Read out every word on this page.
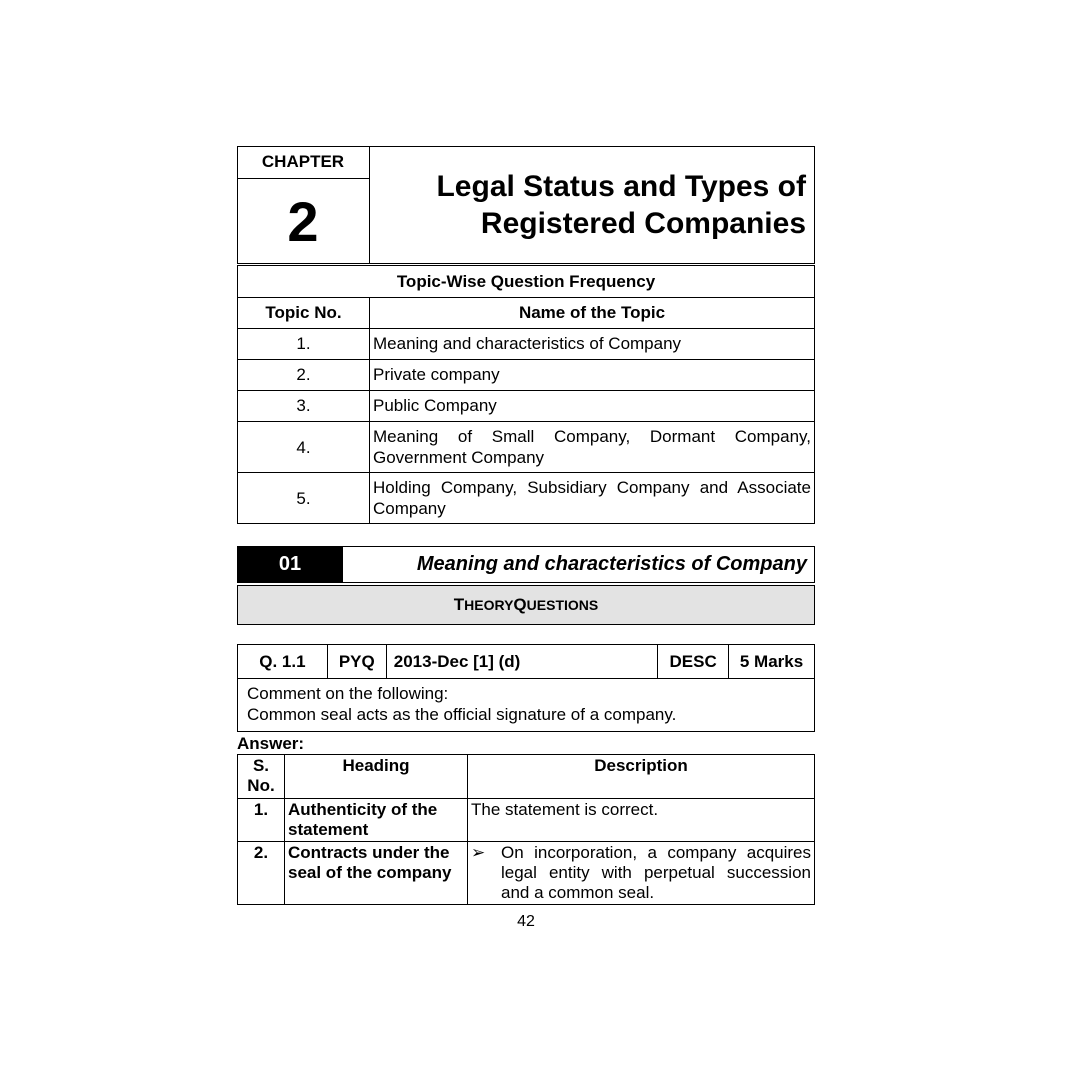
CHAPTER
2
Legal Status and Types of
Registered Companies
Topic-Wise Question Frequency	
Topic No.	Name of the Topic
1.	Meaning and characteristics of Company
2.	Private company
3.	Public Company
4.	Meaning of Small Company, Dormant Company, Government Company
5.	Holding Company, Subsidiary Company and Associate Company
01	Meaning and characteristics of Company
T HEORY Q UESTIONS
Q. 1.1	PYQ	2013-Dec [1] (d)	DESC	5 Marks
Comment on the following:
Common seal acts as the official signature of a company.
Answer:
S. No.	Heading	Description
1.	Authenticity of the statement	The statement is correct.
2.	Contracts under the seal of the company	➢ On incorporation, a company acquires legal entity with perpetual succession and a common seal.
42
